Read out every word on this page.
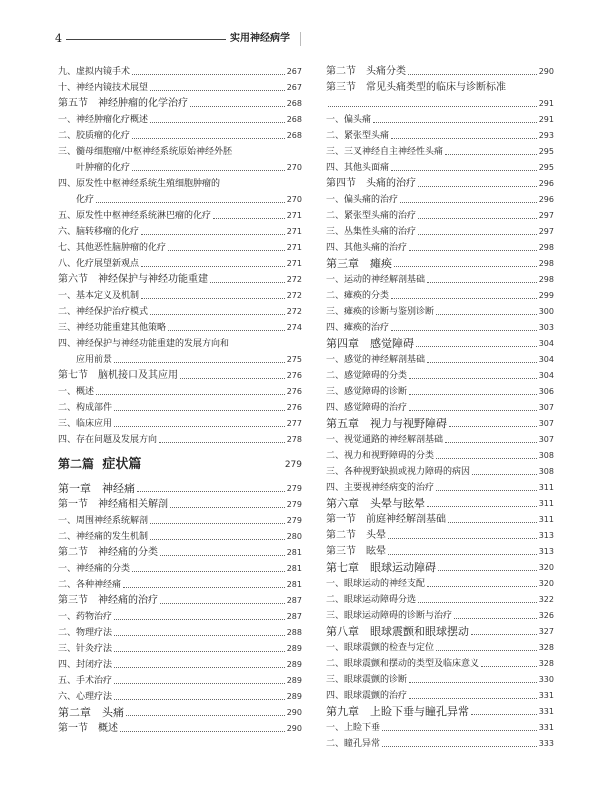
4	实用神经病学
九、虚拟内镜手术	267
十、神经内镜技术展望	267
第五节　神经肿瘤的化学治疗	268
一、神经肿瘤化疗概述	268
二、胶质瘤的化疗	268
三、髓母细胞瘤/中枢神经系统原始神经外胚
叶肿瘤的化疗	270
四、原发性中枢神经系统生殖细胞肿瘤的
化疗	270
五、原发性中枢神经系统淋巴瘤的化疗	271
六、脑转移瘤的化疗	271
七、其他恶性脑肿瘤的化疗	271
八、化疗展望新观点	271
第六节　神经保护与神经功能重建	272
一、基本定义及机制	272
二、神经保护治疗模式	272
三、神经功能重建其他策略	274
四、神经保护与神经功能重建的发展方向和
应用前景	275
第七节　脑机接口及其应用	276
一、概述	276
二、构成部件	276
三、临床应用	277
四、存在问题及发展方向	278
第二篇 症状篇	279
第一章　神经痛	279
第一节　神经痛相关解剖	279
一、周围神经系统解剖	279
二、神经痛的发生机制	280
第二节　神经痛的分类	281
一、神经痛的分类	281
二、各种神经痛	281
第三节　神经痛的治疗	287
一、药物治疗	287
二、物理疗法	288
三、针灸疗法	289
四、封闭疗法	289
五、手术治疗	289
六、心理疗法	289
第二章　头痛	290
第一节　概述	290
第二节　头痛分类	290
第三节　常见头痛类型的临床与诊断标准
291
一、偏头痛	291
二、紧张型头痛	293
三、三叉神经自主神经性头痛	295
四、其他头面痛	295
第四节　头痛的治疗	296
一、偏头痛的治疗	296
二、紧张型头痛的治疗	297
三、丛集性头痛的治疗	297
四、其他头痛的治疗	298
第三章　瘫痪	298
一、运动的神经解剖基础	298
二、瘫痪的分类	299
三、瘫痪的诊断与鉴别诊断	300
四、瘫痪的治疗	303
第四章　感觉障碍	304
一、感觉的神经解剖基础	304
二、感觉障碍的分类	304
三、感觉障碍的诊断	306
四、感觉障碍的治疗	307
第五章　视力与视野障碍	307
一、视觉通路的神经解剖基础	307
二、视力和视野障碍的分类	308
三、各种视野缺损或视力障碍的病因	308
四、主要视神经病变的治疗	311
第六章　头晕与眩晕	311
第一节　前庭神经解剖基础	311
第二节　头晕	313
第三节　眩晕	313
第七章　眼球运动障碍	320
一、眼球运动的神经支配	320
二、眼球运动障碍分选	322
三、眼球运动障碍的诊断与治疗	326
第八章　眼球震颤和眼球摆动	327
一、眼球震颤的检查与定位	328
二、眼球震颤和摆动的类型及临床意义	328
三、眼球震颤的诊断	330
四、眼球震颤的治疗	331
第九章　上睑下垂与瞳孔异常	331
一、上睑下垂	331
二、瞳孔异常	333
